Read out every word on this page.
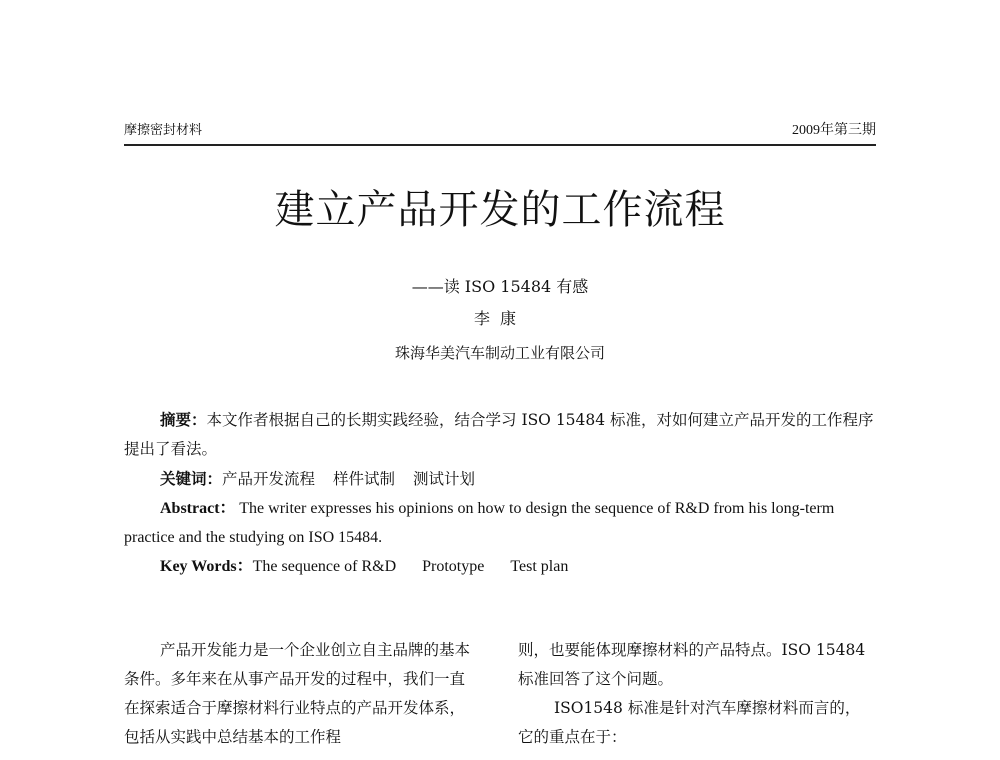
摩擦密封材料	2009年第三期
建立产品开发的工作流程
——读 ISO 15484 有感
李康
珠海华美汽车制动工业有限公司

摘要：本文作者根据自己的长期实践经验，结合学习 ISO 15484 标准，对如何建立产品开发的工作程序提出了看法。

关键词：产品开发流程 样件试制 测试计划

Abstract： The writer expresses his opinions on how to design the sequence of R&D from his long-term practice and the studying on ISO 15484.

Key Words：The sequence of R&D Prototype Test plan

产品开发能力是一个企业创立自主品牌的基本条件。多年来在从事产品开发的过程中，我们一直在探索适合于摩擦材料行业特点的产品开发体系，包括从实践中总结基本的工作程

则，也要能体现摩擦材料的产品特点。ISO 15484 标准回答了这个问题。

ISO1548 标准是针对汽车摩擦材料而言的，它的重点在于：
